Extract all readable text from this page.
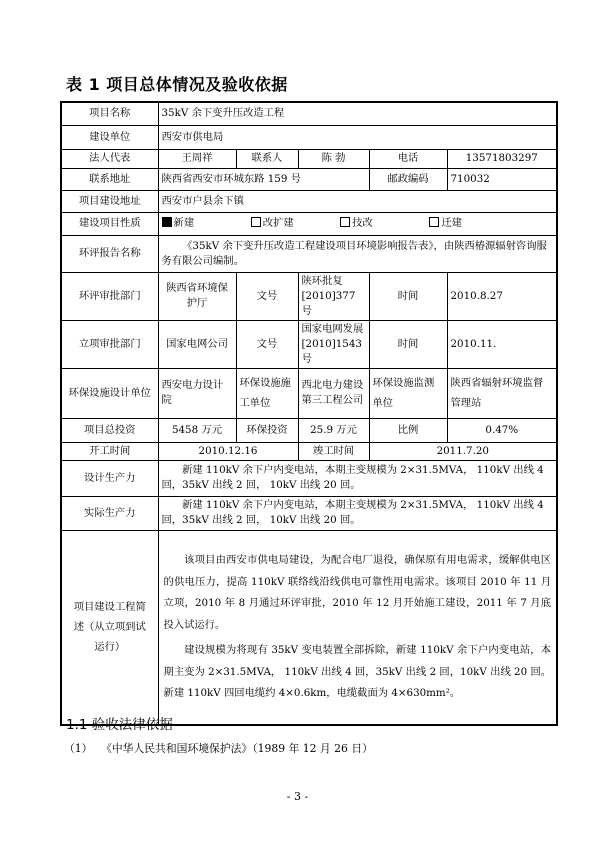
表 1 项目总体情况及验收依据
项目名称	35kV 余下变升压改造工程				
建设单位	西安市供电局				
法人代表	王周祥	联系人	陈 勃	电话	13571803297
联系地址	陕西省西安市环城东路 159 号			邮政编码	710032
项目建设地址	西安市户县余下镇				
建设项目性质	新建 改扩建 技改 迁建				
环评报告名称	《35kV 余下变升压改造工程建设项目环境影响报告表》，由陕西椿源辐射咨询服务有限公司编制。				
环评审批部门	陕西省环境保护厅	文号	陕环批复[2010]377 号	时间	2010.8.27
立项审批部门	国家电网公司	文号	国家电网发展[2010]1543 号	时间	2010.11.
环保设施设计单位	西安电力设计院	环保设施施工单位	西北电力建设第三工程公司	环保设施监测单位	陕西省辐射环境监督管理站
项目总投资	5458 万元	环保投资	25.9 万元	比例	0.47%
开工时间	2010.12.16		竣工时间	2011.7.20	
设计生产力	新建 110kV 余下户内变电站，本期主变规模为 2×31.5MVA， 110kV 出线 4 回，35kV 出线 2 回， 10kV 出线 20 回。				
实际生产力	新建 110kV 余下户内变电站，本期主变规模为 2×31.5MVA， 110kV 出线 4 回，35kV 出线 2 回， 10kV 出线 20 回。				
项目建设工程简述（从立项到试运行）	该项目由西安市供电局建设，为配合电厂退役，确保原有用电需求，缓解供电区的供电压力，提高 110kV 联络线沿线供电可靠性用电需求。该项目 2010 年 11 月立项，2010 年 8 月通过环评审批，2010 年 12 月开始施工建设，2011 年 7 月底投入试运行。

建设规模为将现有 35kV 变电装置全部拆除，新建 110kV 余下户内变电站，本期主变为 2×31.5MVA， 110kV 出线 4 回，35kV 出线 2 回，10kV 出线 20 回。新建 110kV 四回电缆约 4×0.6km，电缆截面为 4×630mm²。				

1.1 验收法律依据
（1） 《中华人民共和国环境保护法》（1989 年 12 月 26 日）
- 3 -
